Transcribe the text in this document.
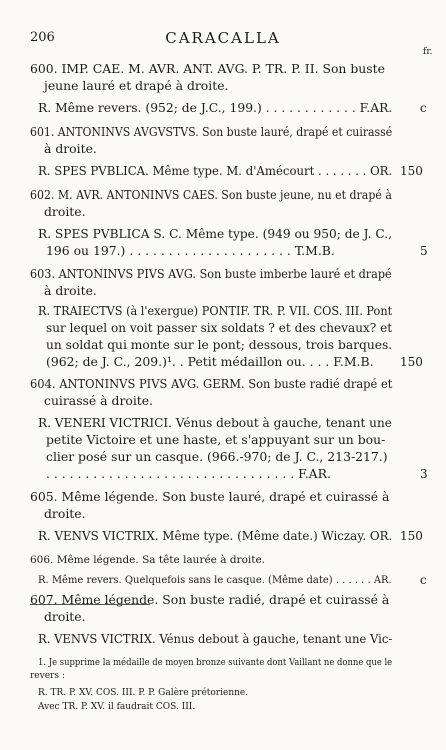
206	CARACALLA
fr.
600. IMP. CAE. M. AVR. ANT. AVG. P. TR. P. II. Son buste
jeune lauré et drapé à droite.
R. Même revers. (952; de J.C., 199.) . . . . . . . . . . . . F.AR.
601. ANTONINVS AVGVSTVS. Son buste lauré, drapé et cuirassé
à droite.
R. SPES PVBLICA. Même type. M. d'Amécourt . . . . . . . OR.
602. M. AVR. ANTONINVS CAES. Son buste jeune, nu et drapé à
droite.
R. SPES PVBLICA S. C. Même type. (949 ou 950; de J. C.,
196 ou 197.) . . . . . . . . . . . . . . . . . . . . . T.M.B.
603. ANTONINVS PIVS AVG. Son buste imberbe lauré et drapé
à droite.
R. TRAIECTVS (à l'exergue) PONTIF. TR. P. VII. COS. III. Pont
sur lequel on voit passer six soldats ? et des chevaux? et
un soldat qui monte sur le pont; dessous, trois barques.
(962; de J. C., 209.)¹. . Petit médaillon ou. . . . F.M.B.
604. ANTONINVS PIVS AVG. GERM. Son buste radié drapé et
cuirassé à droite.
R. VENERI VICTRICI. Vénus debout à gauche, tenant une
petite Victoire et une haste, et s'appuyant sur un bou-
clier posé sur un casque. (966.-970; de J. C., 213-217.)
. . . . . . . . . . . . . . . . . . . . . . . . . . . . . . . . F.AR.
605. Même légende. Son buste lauré, drapé et cuirassé à
droite.
R. VENVS VICTRIX. Même type. (Même date.) Wiczay. OR.
606. Même légende. Sa tête laurée à droite.
R. Même revers. Quelquefois sans le casque. (Même date) . . . . . . AR.
607. Même légende. Son buste radié, drapé et cuirassé à
droite.
R. VENVS VICTRIX. Vénus debout à gauche, tenant une Vic-
c
150
5
150
3
150
c
1. Je supprime la médaille de moyen bronze suivante dont Vaillant ne donne que le
revers :
R. TR. P. XV. COS. III. P. P. Galère prétorienne.
Avec TR. P. XV. il faudrait COS. III.
